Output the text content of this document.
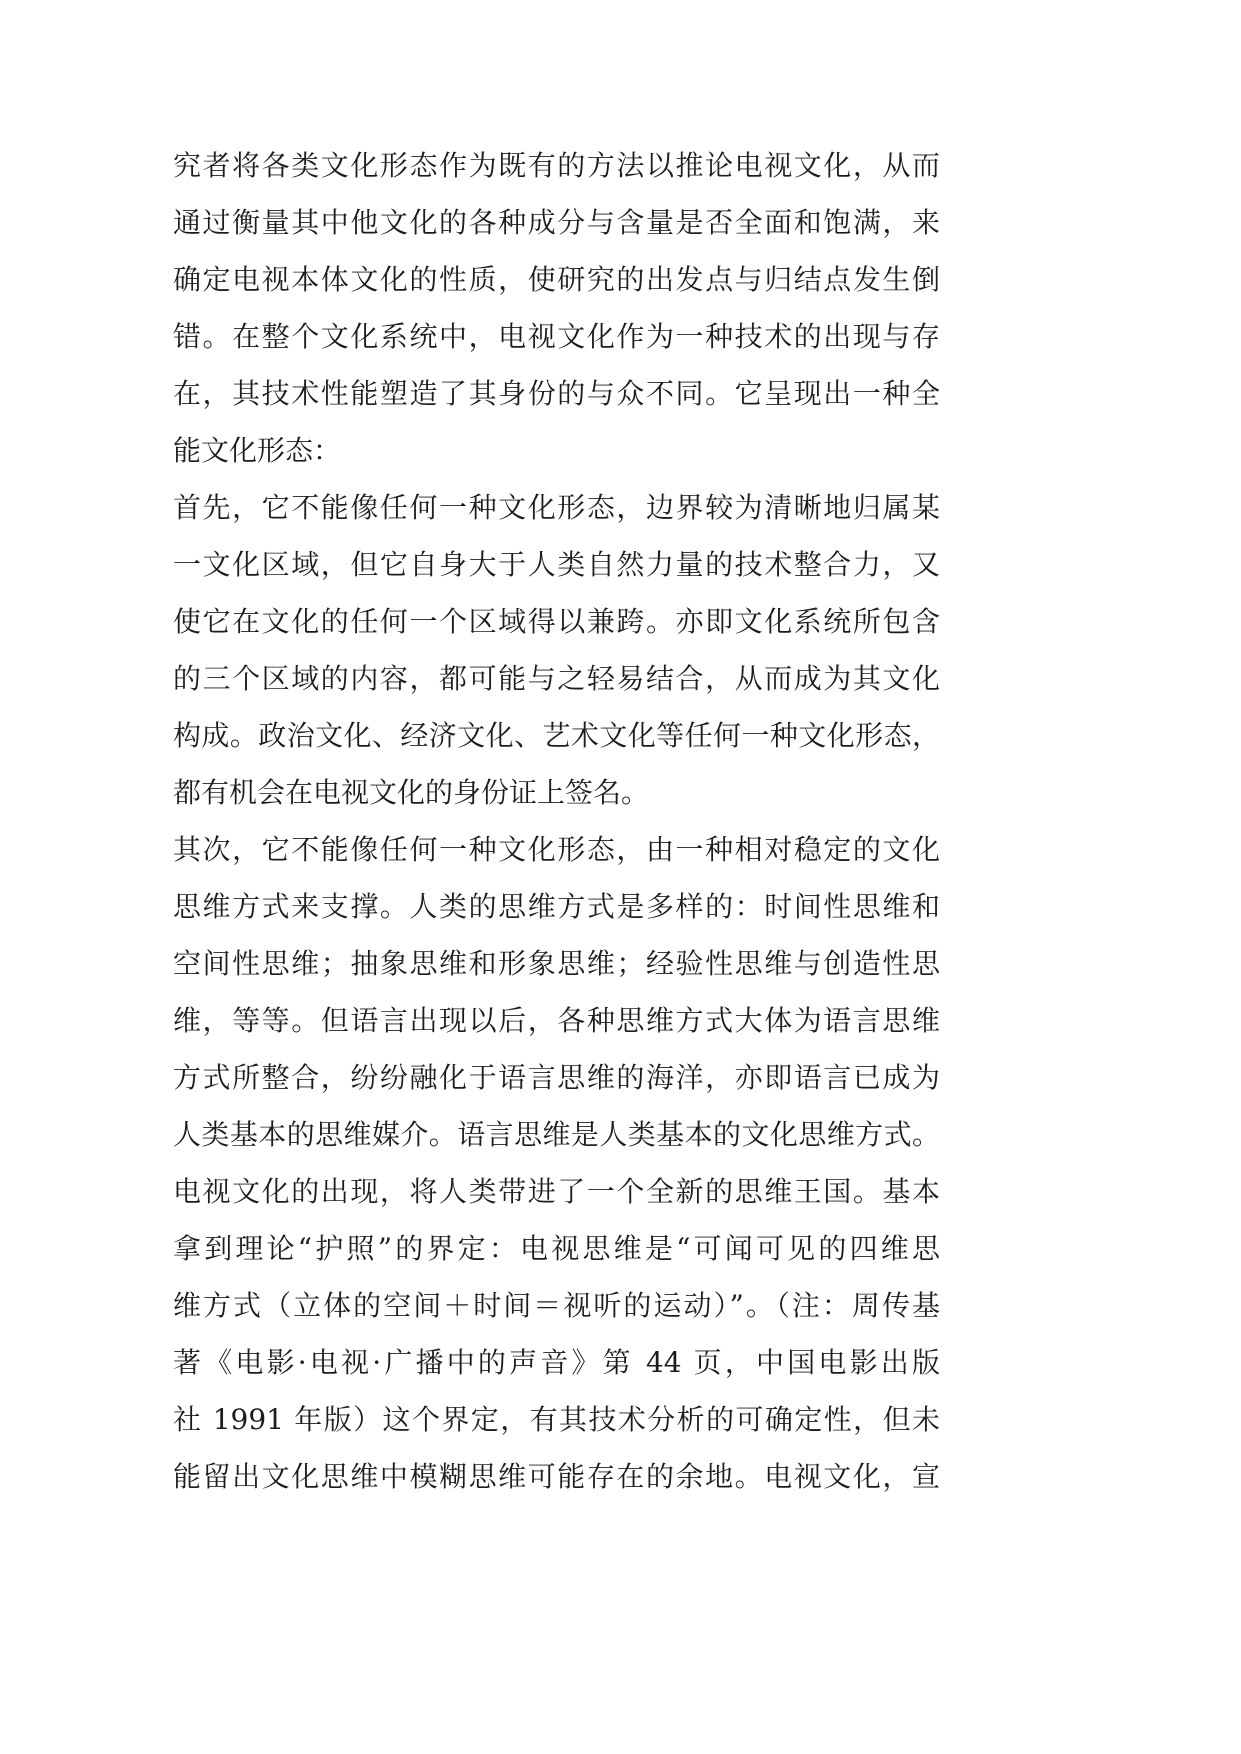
究者将各类文化形态作为既有的方法以推论电视文化，从而
通过衡量其中他文化的各种成分与含量是否全面和饱满，来
确定电视本体文化的性质，使研究的出发点与归结点发生倒
错。在整个文化系统中，电视文化作为一种技术的出现与存
在，其技术性能塑造了其身份的与众不同。它呈现出一种全
能文化形态：
首先，它不能像任何一种文化形态，边界较为清晰地归属某
一文化区域，但它自身大于人类自然力量的技术整合力，又
使它在文化的任何一个区域得以兼跨。亦即文化系统所包含
的三个区域的内容，都可能与之轻易结合，从而成为其文化
构成。政治文化、经济文化、艺术文化等任何一种文化形态，
都有机会在电视文化的身份证上签名。
其次，它不能像任何一种文化形态，由一种相对稳定的文化
思维方式来支撑。人类的思维方式是多样的：时间性思维和
空间性思维；抽象思维和形象思维；经验性思维与创造性思
维，等等。但语言出现以后，各种思维方式大体为语言思维
方式所整合，纷纷融化于语言思维的海洋，亦即语言已成为
人类基本的思维媒介。语言思维是人类基本的文化思维方式。
电视文化的出现，将人类带进了一个全新的思维王国。基本
拿到理论“护照”的界定：电视思维是“可闻可见的四维思
维方式（立体的空间＋时间＝视听的运动）”。（注：周传基
著《电影·电视·广播中的声音》第 44 页，中国电影出版
社 1991 年版）这个界定，有其技术分析的可确定性，但未
能留出文化思维中模糊思维可能存在的余地。电视文化，宣
